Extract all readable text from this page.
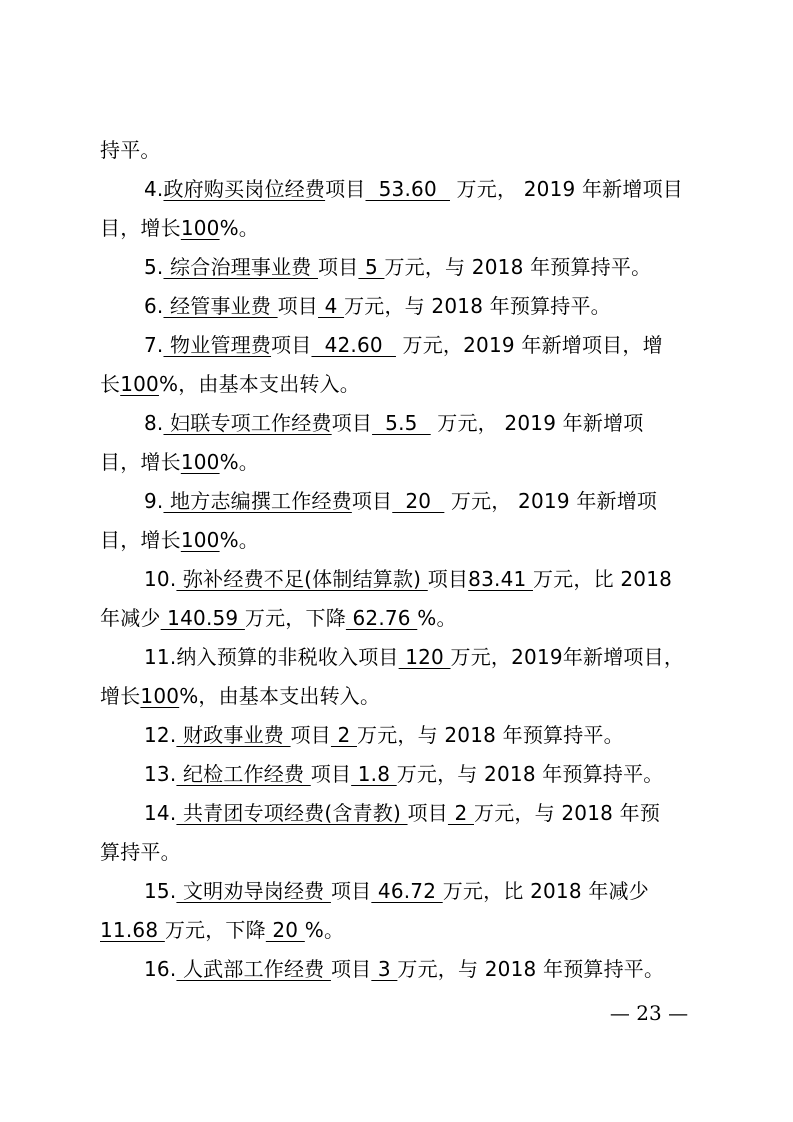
持平。
4.政府购买岗位经费项目  53.60   万元， 2019 年新增项目
目，增长100%。
5. 综合治理事业费 项目 5 万元，与 2018 年预算持平。
6. 经管事业费 项目 4 万元，与 2018 年预算持平。
7. 物业管理费项目  42.60   万元，2019 年新增项目，增
长100%，由基本支出转入。
8. 妇联专项工作经费项目  5.5   万元， 2019 年新增项
目，增长100%。
9. 地方志编撰工作经费项目  20   万元， 2019 年新增项
目，增长100%。
10. 弥补经费不足(体制结算款) 项目83.41 万元，比 2018
年减少 140.59 万元，下降 62.76 %。
11.纳入预算的非税收入项目 120 万元，2019年新增项目，
增长100%，由基本支出转入。
12. 财政事业费 项目 2 万元，与 2018 年预算持平。
13. 纪检工作经费 项目 1.8 万元，与 2018 年预算持平。
14. 共青团专项经费(含青教) 项目 2 万元，与 2018 年预
算持平。
15. 文明劝导岗经费 项目 46.72 万元，比 2018 年减少
11.68 万元，下降 20 %。
16. 人武部工作经费 项目 3 万元，与 2018 年预算持平。
— 23 —
